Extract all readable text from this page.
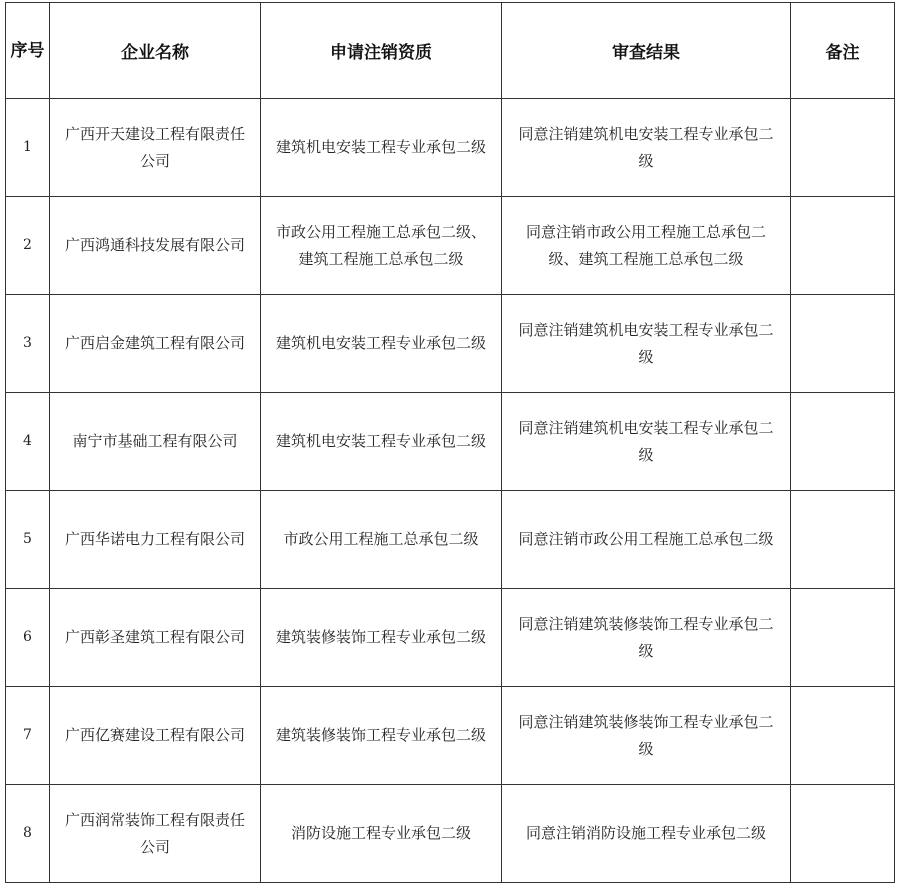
序号	企业名称	申请注销资质	审查结果	备注
1	广西开天建设工程有限责任公司	建筑机电安装工程专业承包二级	同意注销建筑机电安装工程专业承包二级	
2	广西鸿通科技发展有限公司	市政公用工程施工总承包二级、建筑工程施工总承包二级	同意注销市政公用工程施工总承包二级、建筑工程施工总承包二级	
3	广西启金建筑工程有限公司	建筑机电安装工程专业承包二级	同意注销建筑机电安装工程专业承包二级	
4	南宁市基础工程有限公司	建筑机电安装工程专业承包二级	同意注销建筑机电安装工程专业承包二级	
5	广西华诺电力工程有限公司	市政公用工程施工总承包二级	同意注销市政公用工程施工总承包二级	
6	广西彰圣建筑工程有限公司	建筑装修装饰工程专业承包二级	同意注销建筑装修装饰工程专业承包二级	
7	广西亿赛建设工程有限公司	建筑装修装饰工程专业承包二级	同意注销建筑装修装饰工程专业承包二级	
8	广西润常装饰工程有限责任公司	消防设施工程专业承包二级	同意注销消防设施工程专业承包二级	
